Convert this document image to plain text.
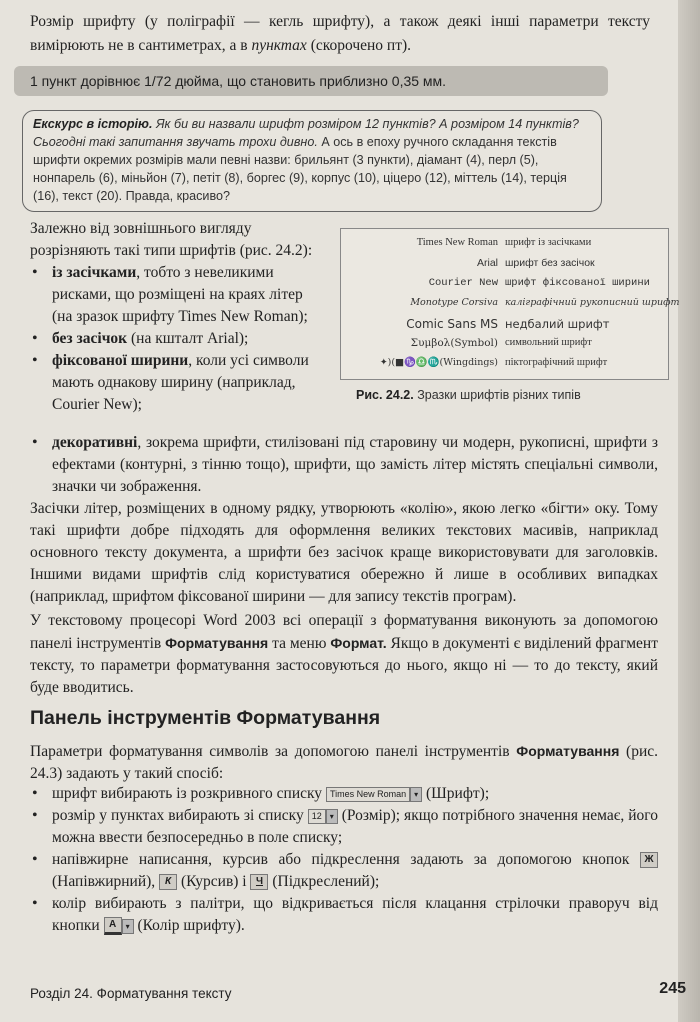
Розмір шрифту (у поліграфії — кегль шрифту), а також деякі інші параметри тексту вимірюють не в сантиметрах, а в пунктах (скорочено пт).
1 пункт дорівнює 1/72 дюйма, що становить приблизно 0,35 мм.
Екскурс в історію. Як би ви назвали шрифт розміром 12 пунктів? А розміром 14 пунктів? Сьогодні такі запитання звучать трохи дивно. А ось в епоху ручного складання текстів шрифти окремих розмірів мали певні назви: брильянт (3 пункти), діамант (4), перл (5), нонпарель (6), міньйон (7), петіт (8), боргес (9), корпус (10), ціцеро (12), міттель (14), терція (16), текст (20). Правда, красиво?

Залежно від зовнішнього вигляду розрізняють такі типи шрифтів (рис. 24.2):

• із засічками, тобто з невеликими рисками, що розміщені на краях літер (на зразок шрифту Times New Roman);
• без засічок (на кшталт Arial);
• фіксованої ширини, коли усі символи мають однакову ширину (наприклад, Courier New);
Times New Roman шрифт із засічками
Arial шрифт без засічок
Courier New шрифт фіксованої ширини
Monotype Corsiva каліграфічний рукописний шрифт
Comic Sans MS недбалий шрифт
Συμβολ(Symbol) символьний шрифт
✦)(■♑♎♏(Wingdings) піктографічний шрифт
Рис. 24.2. Зразки шрифтів різних типів
• декоративні, зокрема шрифти, стилізовані під старовину чи модерн, рукописні, шрифти з ефектами (контурні, з тінню тощо), шрифти, що замість літер містять спеціальні символи, значки чи зображення.

Засічки літер, розміщених в одному рядку, утворюють «колію», якою легко «бігти» оку. Тому такі шрифти добре підходять для оформлення великих текстових масивів, наприклад основного тексту документа, а шрифти без засічок краще використовувати для заголовків. Іншими видами шрифтів слід користуватися обережно й лише в особливих випадках (наприклад, шрифтом фіксованої ширини — для запису текстів програм).

У текстовому процесорі Word 2003 всі операції з форматування виконують за допомогою панелі інструментів Форматування та меню Формат. Якщо в документі є виділений фрагмент тексту, то параметри форматування застосовуються до нього, якщо ні — то до тексту, який буде вводитись.

Панель інструментів Форматування

Параметри форматування символів за допомогою панелі інструментів Форматування (рис. 24.3) задають у такий спосіб:

• шрифт вибирають із розкривного списку Times New Roman ▾ (Шрифт);
• розмір у пунктах вибирають зі списку 12 ▾ (Розмір); якщо потрібного значення немає, його можна ввести безпосередньо в поле списку;
• напівжирне написання, курсив або підкреслення задають за допомогою кнопок Ж (Напівжирний), К (Курсив) і Ч (Підкреслений);
• колір вибирають з палітри, що відкривається після клацання стрілочки праворуч від кнопки A ▾ (Колір шрифту).
Розділ 24. Форматування тексту	245
